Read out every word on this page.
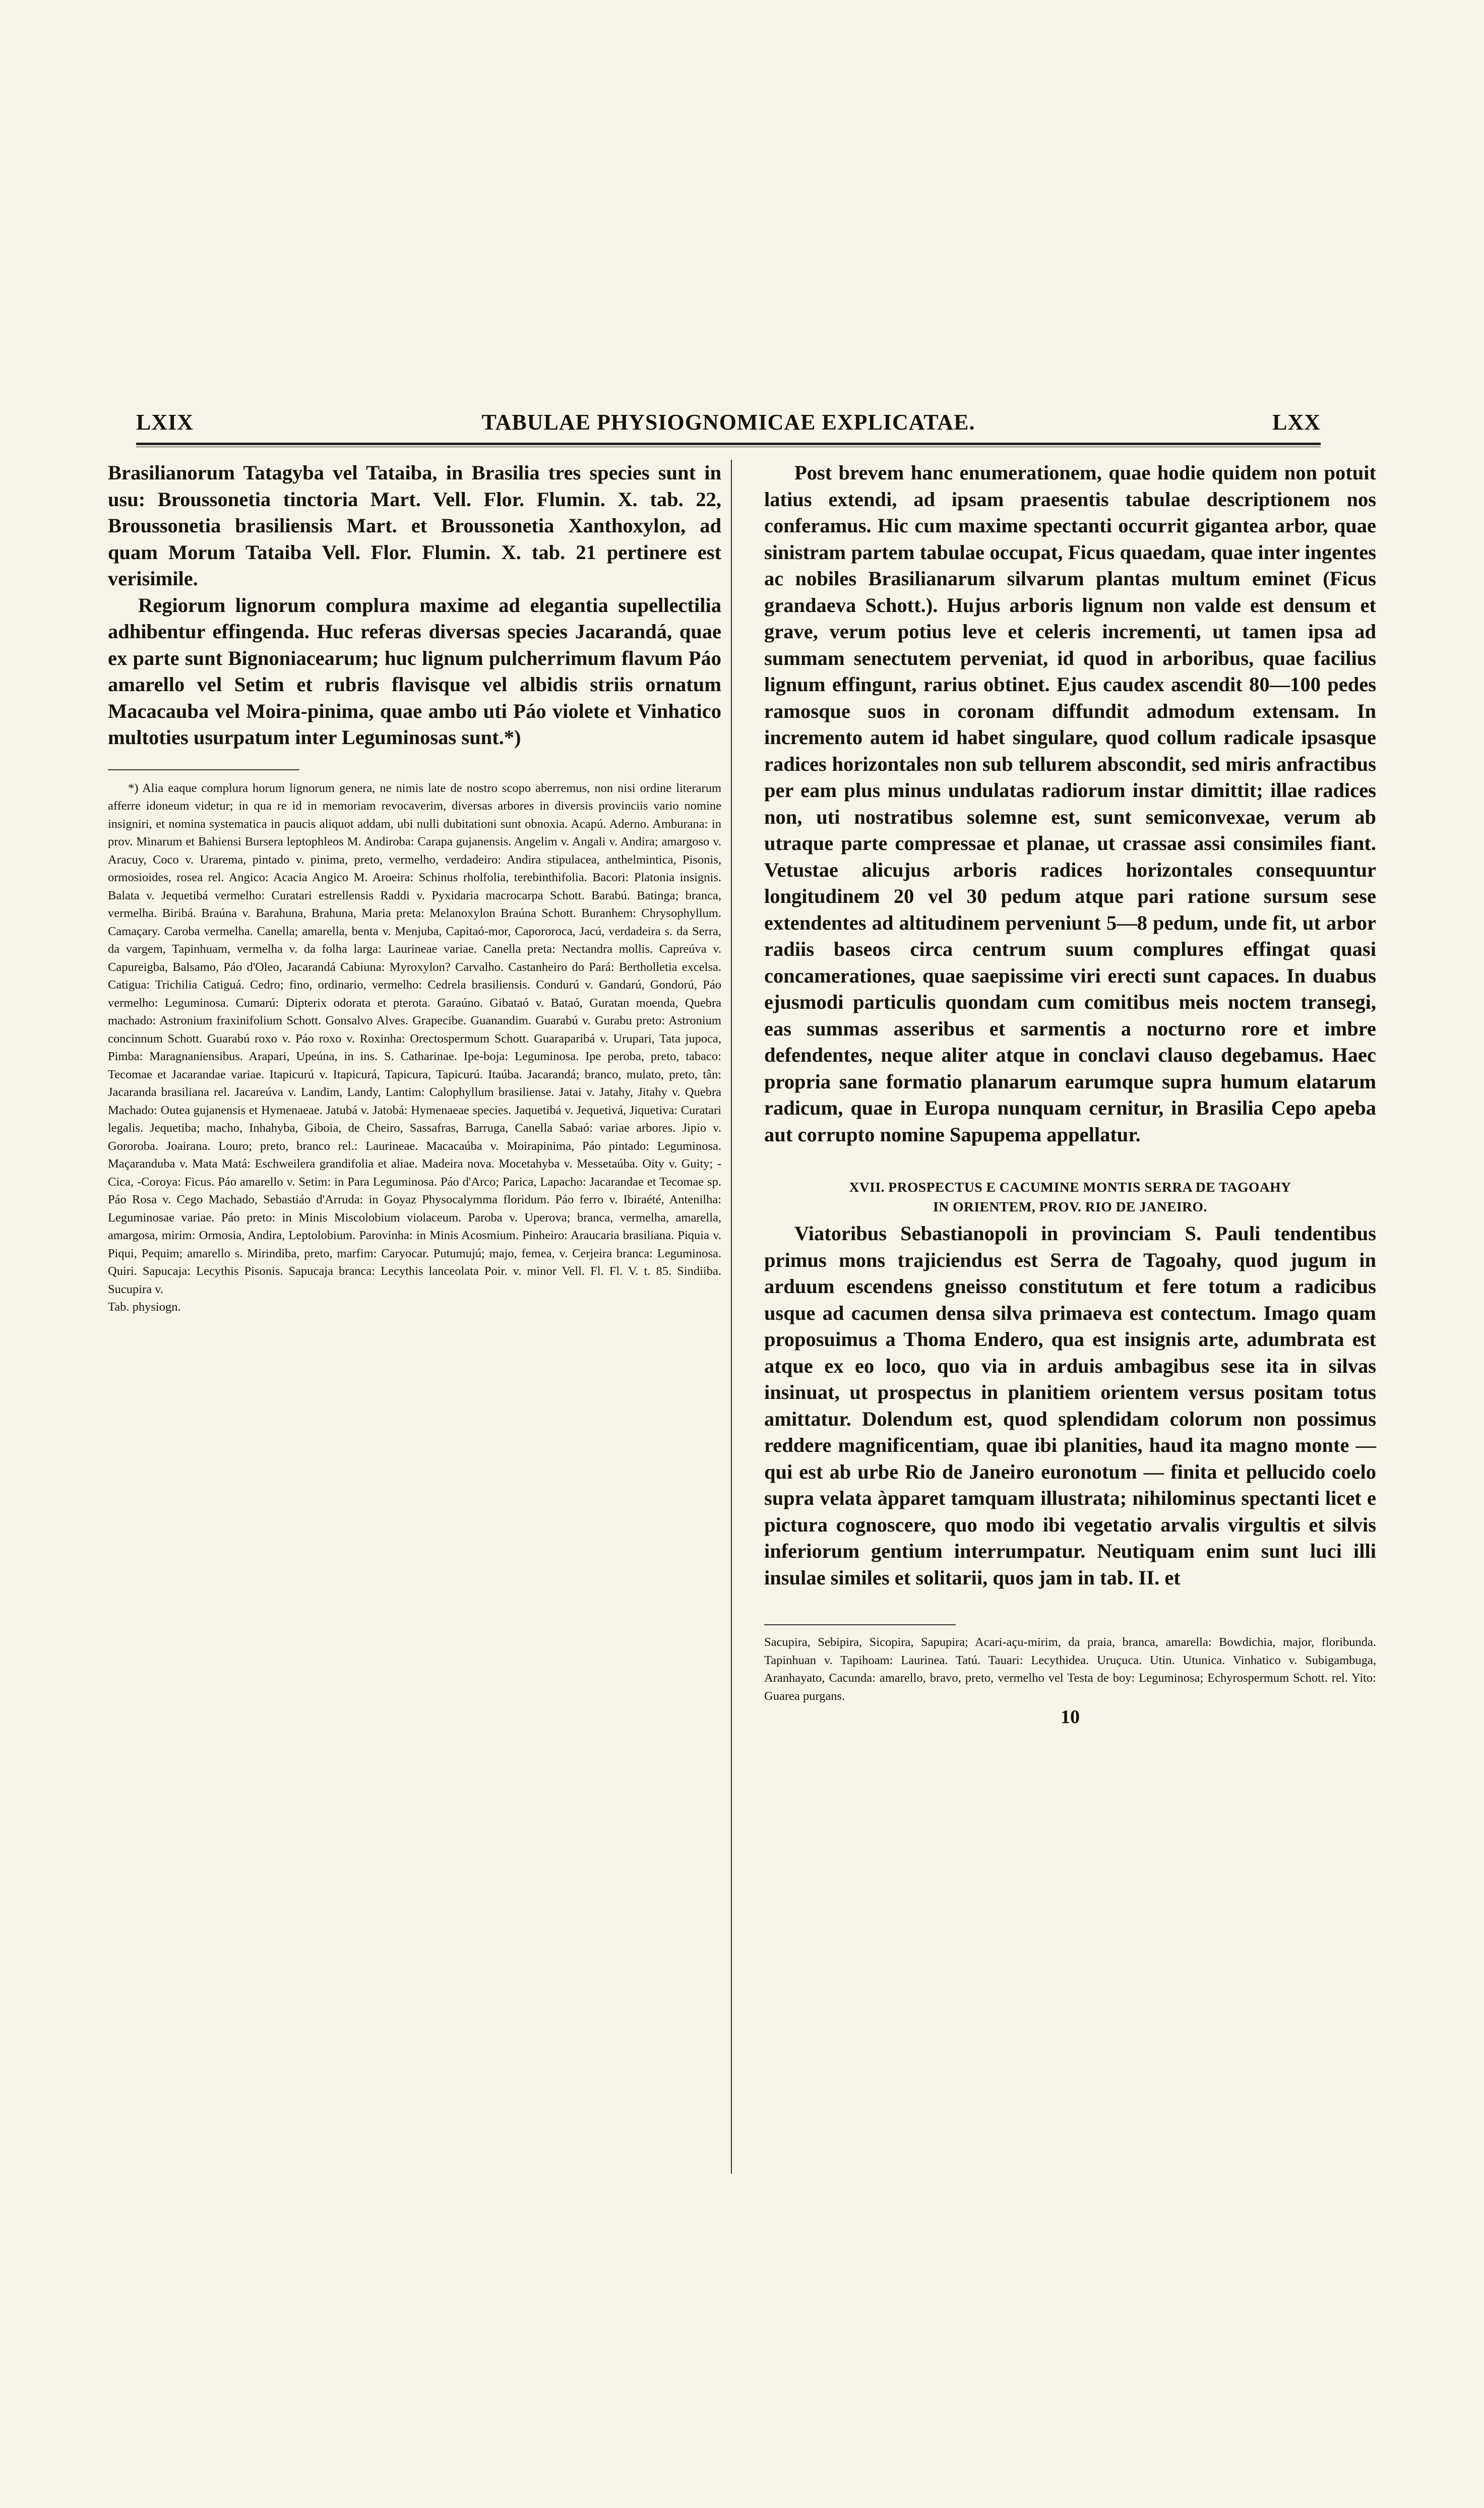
LXIX	TABULAE PHYSIOGNOMICAE EXPLICATAE.	LXX

Brasilianorum Tatagyba vel Tataiba, in Brasilia tres species sunt in usu: Broussonetia tinctoria Mart. Vell. Flor. Flumin. X. tab. 22, Broussonetia brasiliensis Mart. et Broussonetia Xanthoxylon, ad quam Morum Tataiba Vell. Flor. Flumin. X. tab. 21 pertinere est verisimile.

Regiorum lignorum complura maxime ad elegantia supellectilia adhibentur effingenda. Huc referas diversas species Jacarandá, quae ex parte sunt Bignoniacearum; huc lignum pulcherrimum flavum Páo amarello vel Setim et rubris flavisque vel albidis striis ornatum Macacauba vel Moira-pinima, quae ambo uti Páo violete et Vinhatico multoties usurpatum inter Leguminosas sunt.*)

*) Alia eaque complura horum lignorum genera, ne nimis late de nostro scopo aberremus, non nisi ordine literarum afferre idoneum videtur; in qua re id in memoriam revocaverim, diversas arbores in diversis provinciis vario nomine insigniri, et nomina systematica in paucis aliquot addam, ubi nulli dubitationi sunt obnoxia. Acapú. Aderno. Amburana: in prov. Minarum et Bahiensi Bursera leptophleos M. Andiroba: Carapa gujanensis. Angelim v. Angali v. Andira; amargoso v. Aracuy, Coco v. Urarema, pintado v. pinima, preto, vermelho, verdadeiro: Andira stipulacea, anthelmintica, Pisonis, ormosioides, rosea rel. Angico: Acacia Angico M. Aroeira: Schinus rholfolia, terebinthifolia. Bacori: Platonia insignis. Balata v. Jequetibá vermelho: Curatari estrellensis Raddi v. Pyxidaria macrocarpa Schott. Barabú. Batinga; branca, vermelha. Biribá. Braúna v. Barahuna, Brahuna, Maria preta: Melanoxylon Braúna Schott. Buranhem: Chrysophyllum. Camaçary. Caroba vermelha. Canella; amarella, benta v. Menjuba, Capitaó-mor, Capororoca, Jacú, verdadeira s. da Serra, da vargem, Tapinhuam, vermelha v. da folha larga: Laurineae variae. Canella preta: Nectandra mollis. Capreúva v. Capureigba, Balsamo, Páo d'Oleo, Jacarandá Cabiuna: Myroxylon? Carvalho. Castanheiro do Pará: Bertholletia excelsa. Catigua: Trichilia Catiguá. Cedro; fino, ordinario, vermelho: Cedrela brasiliensis. Condurú v. Gandarú, Gondorú, Páo vermelho: Leguminosa. Cumarú: Dipterix odorata et pterota. Garaúno. Gibataó v. Bataó, Guratan moenda, Quebra machado: Astronium fraxinifolium Schott. Gonsalvo Alves. Grapecibe. Guanandim. Guarabú v. Gurabu preto: Astronium concinnum Schott. Guarabú roxo v. Páo roxo v. Roxinha: Orectospermum Schott. Guaraparibá v. Urupari, Tata jupoca, Pimba: Maragnaniensibus. Arapari, Upeúna, in ins. S. Catharinae. Ipe-boja: Leguminosa. Ipe peroba, preto, tabaco: Tecomae et Jacarandae variae. Itapicurú v. Itapicurá, Tapicura, Tapicurú. Itaúba. Jacarandá; branco, mulato, preto, tân: Jacaranda brasiliana rel. Jacareúva v. Landim, Landy, Lantim: Calophyllum brasiliense. Jatai v. Jatahy, Jitahy v. Quebra Machado: Outea gujanensis et Hymenaeae. Jatubá v. Jatobá: Hymenaeae species. Jaquetibá v. Jequetivá, Jiquetiva: Curatari legalis. Jequetiba; macho, Inhahyba, Giboia, de Cheiro, Sassafras, Barruga, Canella Sabaó: variae arbores. Jipio v. Gororoba. Joairana. Louro; preto, branco rel.: Laurineae. Macacaúba v. Moirapinima, Páo pintado: Leguminosa. Maçaranduba v. Mata Matá: Eschweilera grandifolia et aliae. Madeira nova. Mocetahyba v. Messetaúba. Oity v. Guity; -Cica, -Coroya: Ficus. Páo amarello v. Setim: in Para Leguminosa. Páo d'Arco; Parica, Lapacho: Jacarandae et Tecomae sp. Páo Rosa v. Cego Machado, Sebastiáo d'Arruda: in Goyaz Physocalymma floridum. Páo ferro v. Ibiraété, Antenilha: Leguminosae variae. Páo preto: in Minis Miscolobium violaceum. Paroba v. Uperova; branca, vermelha, amarella, amargosa, mirim: Ormosia, Andira, Leptolobium. Parovinha: in Minis Acosmium. Pinheiro: Araucaria brasiliana. Piquia v. Piqui, Pequim; amarello s. Mirindiba, preto, marfim: Caryocar. Putumujú; majo, femea, v. Cerjeira branca: Leguminosa. Quiri. Sapucaja: Lecythis Pisonis. Sapucaja branca: Lecythis lanceolata Poir. v. minor Vell. Fl. Fl. V. t. 85. Sindiiba. Sucupira v.

Tab. physiogn.

Post brevem hanc enumerationem, quae hodie quidem non potuit latius extendi, ad ipsam praesentis tabulae descriptionem nos conferamus. Hic cum maxime spectanti occurrit gigantea arbor, quae sinistram partem tabulae occupat, Ficus quaedam, quae inter ingentes ac nobiles Brasilianarum silvarum plantas multum eminet (Ficus grandaeva Schott.). Hujus arboris lignum non valde est densum et grave, verum potius leve et celeris incrementi, ut tamen ipsa ad summam senectutem perveniat, id quod in arboribus, quae facilius lignum effingunt, rarius obtinet. Ejus caudex ascendit 80—100 pedes ramosque suos in coronam diffundit admodum extensam. In incremento autem id habet singulare, quod collum radicale ipsasque radices horizontales non sub tellurem abscondit, sed miris anfractibus per eam plus minus undulatas radiorum instar dimittit; illae radices non, uti nostratibus solemne est, sunt semiconvexae, verum ab utraque parte compressae et planae, ut crassae assi consimiles fiant. Vetustae alicujus arboris radices horizontales consequuntur longitudinem 20 vel 30 pedum atque pari ratione sursum sese extendentes ad altitudinem perveniunt 5—8 pedum, unde fit, ut arbor radiis baseos circa centrum suum complures effingat quasi concamerationes, quae saepissime viri erecti sunt capaces. In duabus ejusmodi particulis quondam cum comitibus meis noctem transegi, eas summas asseribus et sarmentis a nocturno rore et imbre defendentes, neque aliter atque in conclavi clauso degebamus. Haec propria sane formatio planarum earumque supra humum elatarum radicum, quae in Europa nunquam cernitur, in Brasilia Cepo apeba aut corrupto nomine Sapupema appellatur.

XVII. PROSPECTUS E CACUMINE MONTIS SERRA DE TAGOAHY
IN ORIENTEM, PROV. RIO DE JANEIRO.

Viatoribus Sebastianopoli in provinciam S. Pauli tendentibus primus mons trajiciendus est Serra de Tagoahy, quod jugum in arduum escendens gneisso constitutum et fere totum a radicibus usque ad cacumen densa silva primaeva est contectum. Imago quam proposuimus a Thoma Endero, qua est insignis arte, adumbrata est atque ex eo loco, quo via in arduis ambagibus sese ita in silvas insinuat, ut prospectus in planitiem orientem versus positam totus amittatur. Dolendum est, quod splendidam colorum non possimus reddere magnificentiam, quae ibi planities, haud ita magno monte — qui est ab urbe Rio de Janeiro euronotum — finita et pellucido coelo supra velata àpparet tamquam illustrata; nihilominus spectanti licet e pictura cognoscere, quo modo ibi vegetatio arvalis virgultis et silvis inferiorum gentium interrumpatur. Neutiquam enim sunt luci illi insulae similes et solitarii, quos jam in tab. II. et

Sacupira, Sebipira, Sicopira, Sapupira; Acari-açu-mirim, da praia, branca, amarella: Bowdichia, major, floribunda. Tapinhuan v. Tapihoam: Laurinea. Tatú. Tauari: Lecythidea. Uruçuca. Utin. Utunica. Vinhatico v. Subigambuga, Aranhayato, Cacunda: amarello, bravo, preto, vermelho vel Testa de boy: Leguminosa; Echyrospermum Schott. rel. Yito: Guarea purgans.

10
